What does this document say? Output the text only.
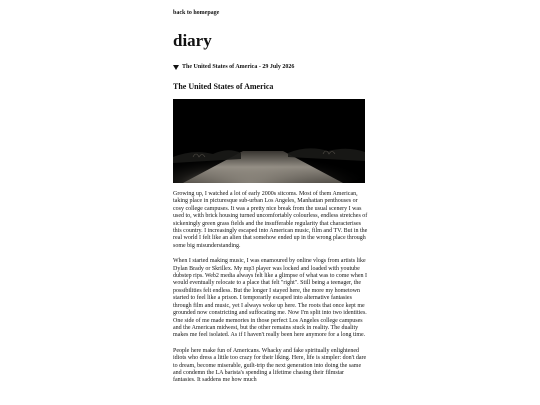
back to homepage
diary
The United States of America - 29 July 2026
The United States of America

Growing up, I watched a lot of early 2000s sitcoms. Most of them American, taking place in picturesque sub-urban Los Angeles, Manhattan penthouses or cosy college campuses. It was a pretty nice break from the usual scenery I was used to, with brick housing turned uncomfortably colourless, endless stretches of sickeningly green grass fields and the insufferable regularity that characterises this country. I increasingly escaped into American music, film and TV. But in the real world I felt like an alien that somehow ended up in the wrong place through some big misunderstanding.

When I started making music, I was enamoured by online vlogs from artists like Dylan Brady or Skrillex. My mp3 player was locked and loaded with youtube dubstep rips. Web2 media always felt like a glimpse of what was to come when I would eventually relocate to a place that felt "right". Still being a teenager, the possibilities felt endless. But the longer I stayed here, the more my hometown started to feel like a prison. I temporarily escaped into alternative fantasies through film and music, yet I always woke up here. The roots that once kept me grounded now constricting and suffocating me. Now I'm split into two identities. One side of me made memories in those perfect Los Angeles college campuses and the American midwest, but the other remains stuck in reality. The duality makes me feel isolated. As if I haven't really been here anymore for a long time.

People here make fun of Americans. Whacky and fake spiritually enlightened idiots who dress a little too crazy for their liking. Here, life is simpler: don't dare to dream, become miserable, guilt-trip the next generation into doing the same and condemn the LA barista's spending a lifetime chasing their filmstar fantasies. It saddens me how much
